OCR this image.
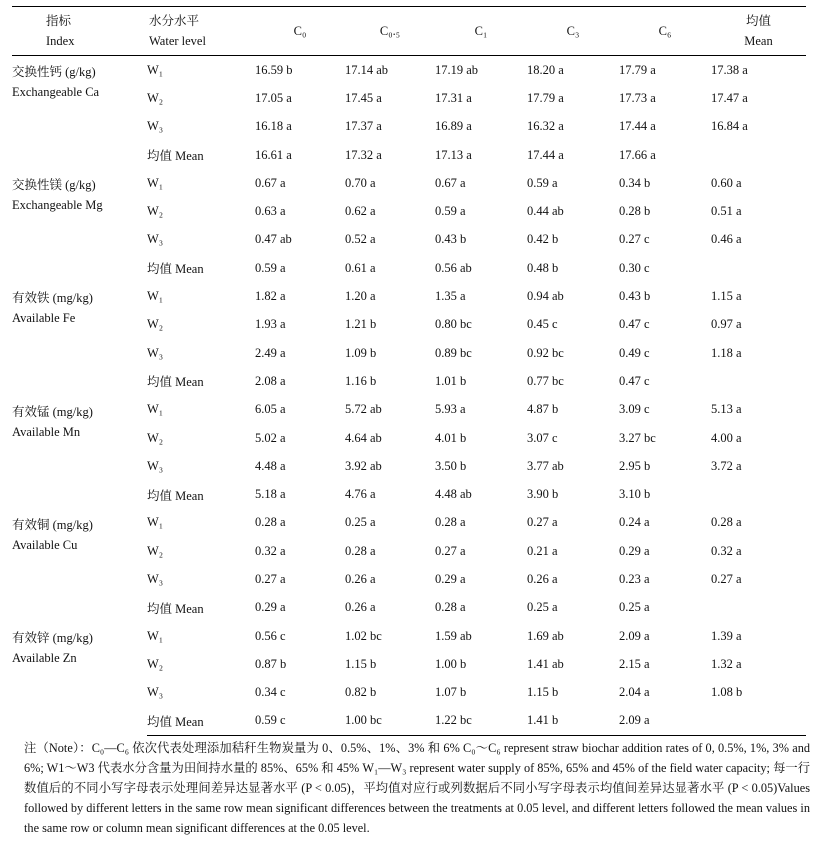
指标
Index	水分水平
Water level	C₀	C₀.₅	C₁	C₃	C₆	均值
Mean
交换性钙 (g/kg)
Exchangeable Ca	W₁	16.59 b	17.14 ab	17.19 ab	18.20 a	17.79 a	17.38 a
	W₂	17.05 a	17.45 a	17.31 a	17.79 a	17.73 a	17.47 a
	W₃	16.18 a	17.37 a	16.89 a	16.32 a	17.44 a	16.84 a
	均值 Mean	16.61 a	17.32 a	17.13 a	17.44 a	17.66 a	
交换性镁 (g/kg)
Exchangeable Mg	W₁	0.67 a	0.70 a	0.67 a	0.59 a	0.34 b	0.60 a
	W₂	0.63 a	0.62 a	0.59 a	0.44 ab	0.28 b	0.51 a
	W₃	0.47 ab	0.52 a	0.43 b	0.42 b	0.27 c	0.46 a
	均值 Mean	0.59 a	0.61 a	0.56 ab	0.48 b	0.30 c	
有效铁 (mg/kg)
Available Fe	W₁	1.82 a	1.20 a	1.35 a	0.94 ab	0.43 b	1.15 a
	W₂	1.93 a	1.21 b	0.80 bc	0.45 c	0.47 c	0.97 a
	W₃	2.49 a	1.09 b	0.89 bc	0.92 bc	0.49 c	1.18 a
	均值 Mean	2.08 a	1.16 b	1.01 b	0.77 bc	0.47 c	
有效锰 (mg/kg)
Available Mn	W₁	6.05 a	5.72 ab	5.93 a	4.87 b	3.09 c	5.13 a
	W₂	5.02 a	4.64 ab	4.01 b	3.07 c	3.27 bc	4.00 a
	W₃	4.48 a	3.92 ab	3.50 b	3.77 ab	2.95 b	3.72 a
	均值 Mean	5.18 a	4.76 a	4.48 ab	3.90 b	3.10 b	
有效铜 (mg/kg)
Available Cu	W₁	0.28 a	0.25 a	0.28 a	0.27 a	0.24 a	0.28 a
	W₂	0.32 a	0.28 a	0.27 a	0.21 a	0.29 a	0.32 a
	W₃	0.27 a	0.26 a	0.29 a	0.26 a	0.23 a	0.27 a
	均值 Mean	0.29 a	0.26 a	0.28 a	0.25 a	0.25 a	
有效锌 (mg/kg)
Available Zn	W₁	0.56 c	1.02 bc	1.59 ab	1.69 ab	2.09 a	1.39 a
	W₂	0.87 b	1.15 b	1.00 b	1.41 ab	2.15 a	1.32 a
	W₃	0.34 c	0.82 b	1.07 b	1.15 b	2.04 a	1.08 b
	均值 Mean	0.59 c	1.00 bc	1.22 bc	1.41 b	2.09 a	
注（Note）：C₀—C₆ 依次代表处理添加秸秆生物炭量为 0、0.5%、1%、3% 和 6% C₀～C₆ represent straw biochar addition rates of 0, 0.5%, 1%, 3% and 6%; W1～W3 代表水分含量为田间持水量的 85%、65% 和 45% W₁—W₃ represent water supply of 85%, 65% and 45% of the field water capacity; 每一行数值后的不同小写字母表示处理间差异达显著水平 (P < 0.05)，平均值对应行或列数据后不同小写字母表示均值间差异达显著水平 (P < 0.05)Values followed by different letters in the same row mean significant differences between the treatments at 0.05 level, and different letters followed the mean values in the same row or column mean significant differences at the 0.05 level.
